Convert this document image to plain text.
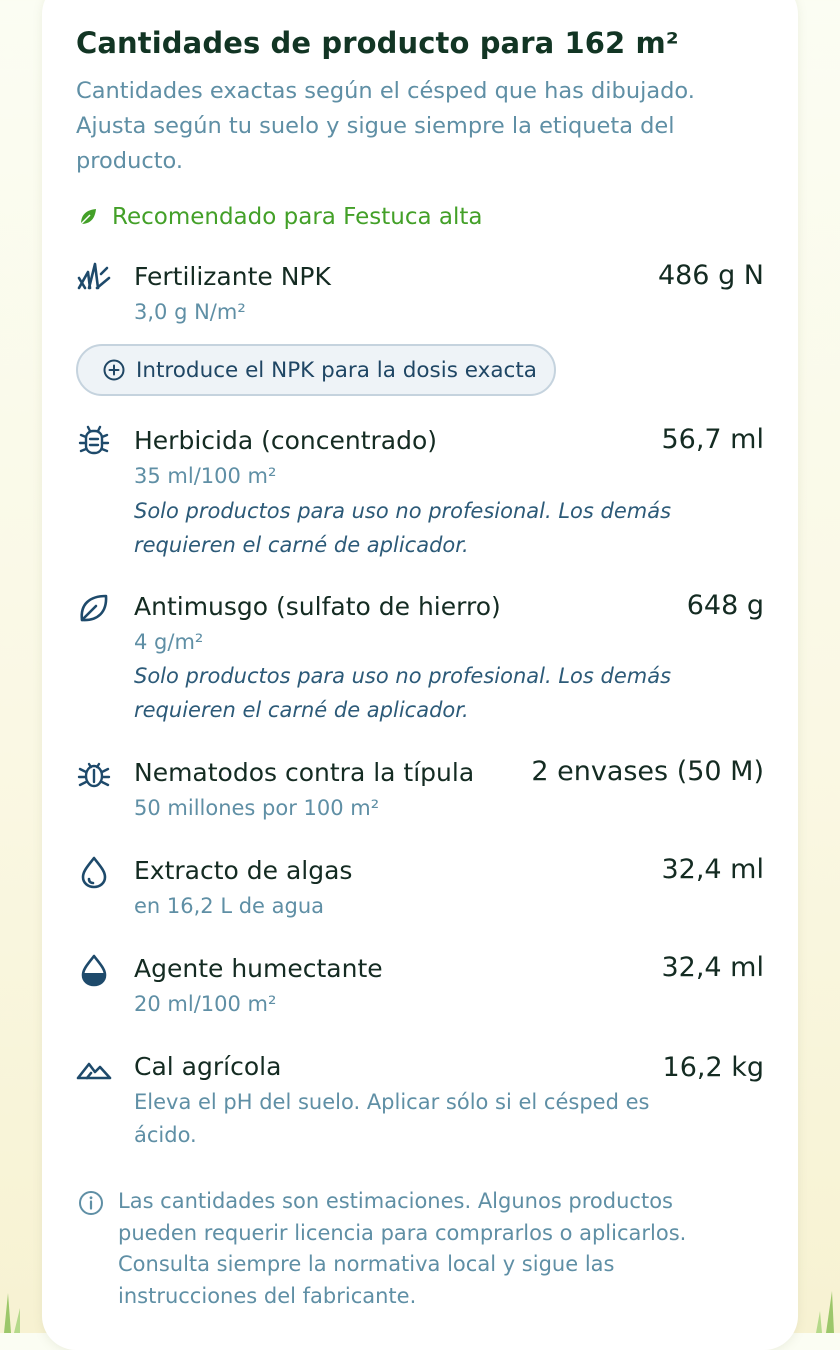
Cantidades de producto para 162 m²

Cantidades exactas según el césped que has dibujado. Ajusta según tu suelo y sigue siempre la etiqueta del producto.

Recomendado para Festuca alta
Fertilizante NPK	486 g N
3,0 g N/m²
Introduce el NPK para la dosis exacta
Herbicida (concentrado)	56,7 ml
35 ml/100 m²
Solo productos para uso no profesional. Los demás requieren el carné de aplicador.
Antimusgo (sulfato de hierro)	648 g
4 g/m²
Solo productos para uso no profesional. Los demás requieren el carné de aplicador.
Nematodos contra la típula 2 envases (50 M)
50 millones por 100 m²
Extracto de algas	32,4 ml
en 16,2 L de agua
Agente humectante	32,4 ml
20 ml/100 m²
Cal agrícola	16,2 kg
Eleva el pH del suelo. Aplicar sólo si el césped es ácido.

Las cantidades son estimaciones. Algunos productos pueden requerir licencia para comprarlos o aplicarlos. Consulta siempre la normativa local y sigue las instrucciones del fabricante.
